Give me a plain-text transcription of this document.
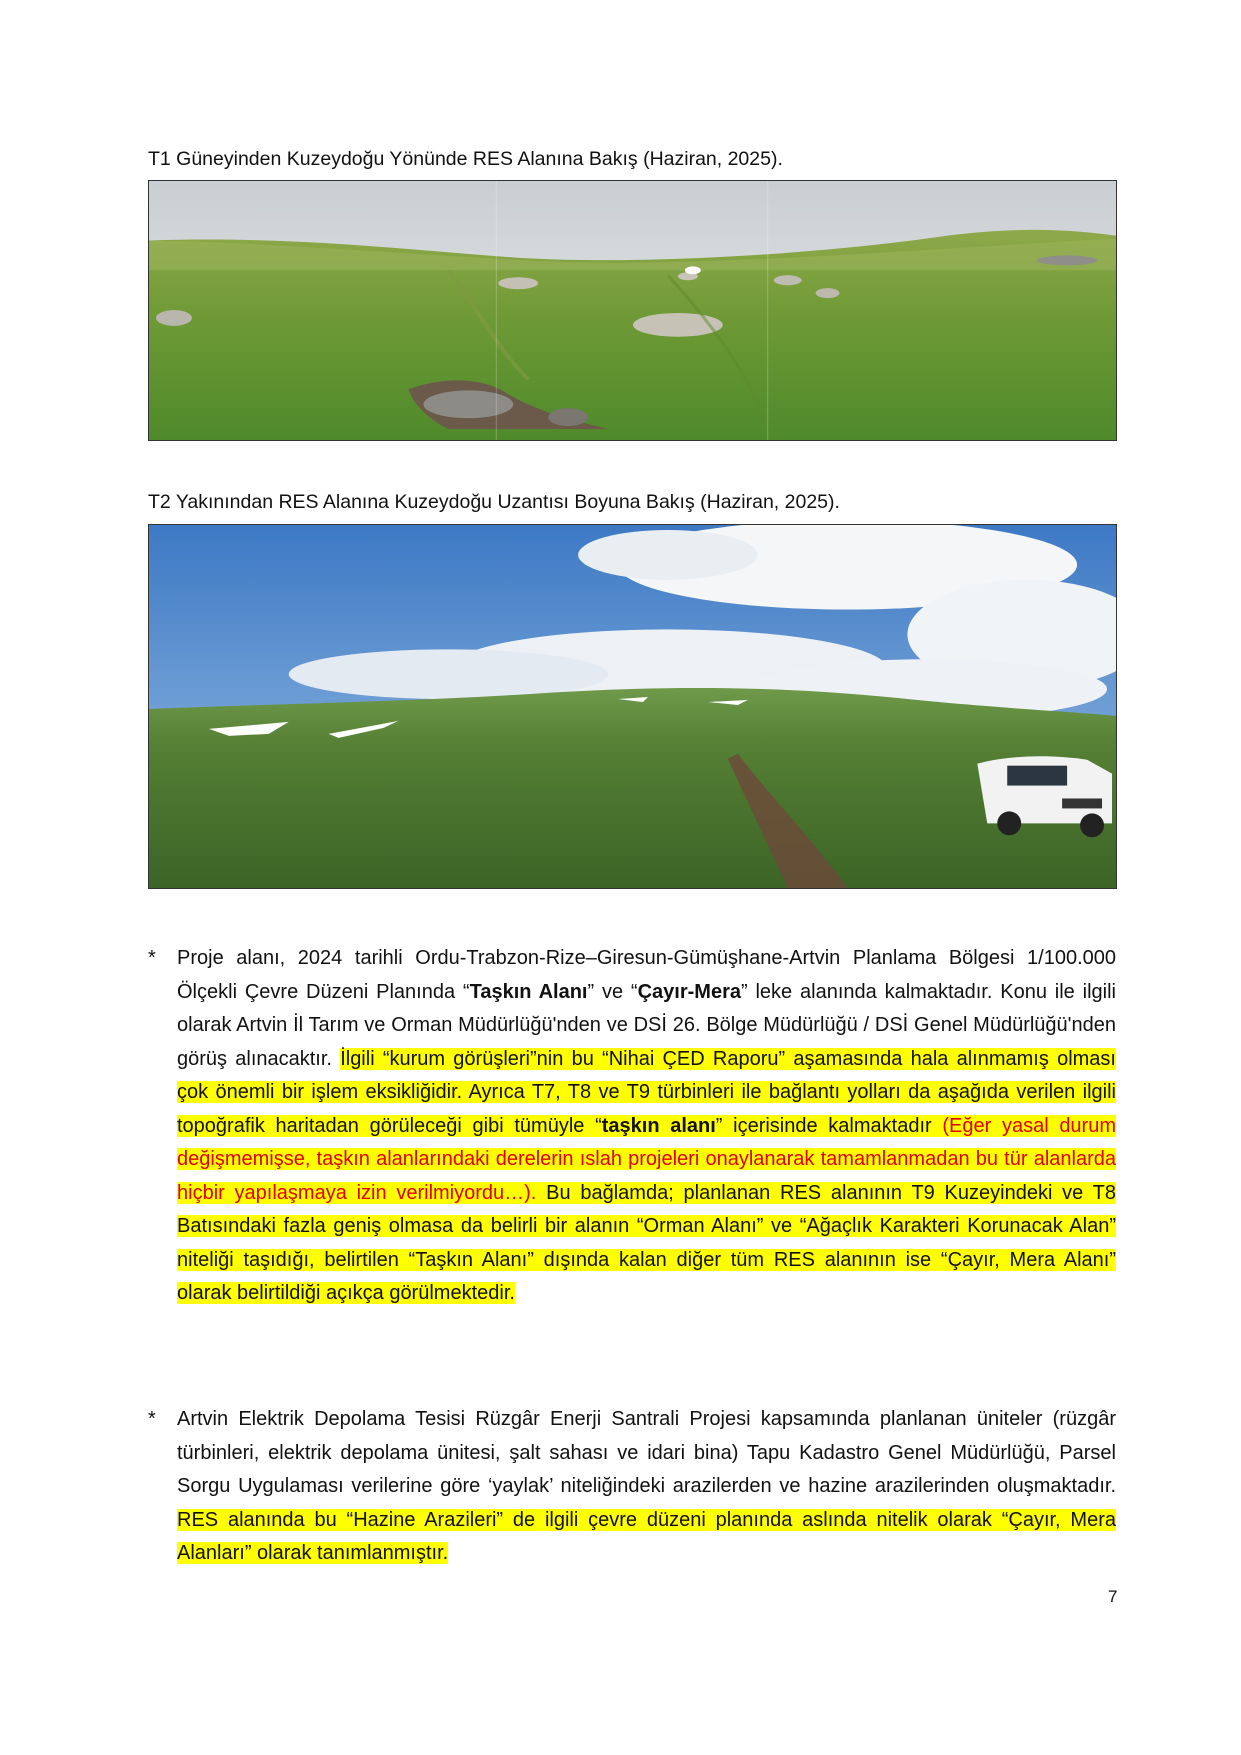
T1 Güneyinden Kuzeydoğu Yönünde RES Alanına Bakış (Haziran, 2025).
T2 Yakınından RES Alanına Kuzeydoğu Uzantısı Boyuna Bakış (Haziran, 2025).
* Proje alanı, 2024 tarihli Ordu-Trabzon-Rize–Giresun-Gümüşhane-Artvin Planlama Bölgesi 1/100.000 Ölçekli Çevre Düzeni Planında “Taşkın Alanı” ve “Çayır-Mera” leke alanında kalmaktadır. Konu ile ilgili olarak Artvin İl Tarım ve Orman Müdürlüğü'nden ve DSİ 26. Bölge Müdürlüğü / DSİ Genel Müdürlüğü'nden görüş alınacaktır. İlgili “kurum görüşleri”nin bu “Nihai ÇED Raporu” aşamasında hala alınmamış olması çok önemli bir işlem eksikliğidir. Ayrıca T7, T8 ve T9 türbinleri ile bağlantı yolları da aşağıda verilen ilgili topoğrafik haritadan görüleceği gibi tümüyle “taşkın alanı” içerisinde kalmaktadır (Eğer yasal durum değişmemişse, taşkın alanlarındaki derelerin ıslah projeleri onaylanarak tamamlanmadan bu tür alanlarda hiçbir yapılaşmaya izin verilmiyordu…). Bu bağlamda; planlanan RES alanının T9 Kuzeyindeki ve T8 Batısındaki fazla geniş olmasa da belirli bir alanın “Orman Alanı” ve “Ağaçlık Karakteri Korunacak Alan” niteliği taşıdığı, belirtilen “Taşkın Alanı” dışında kalan diğer tüm RES alanının ise “Çayır, Mera Alanı” olarak belirtildiği açıkça görülmektedir.
* Artvin Elektrik Depolama Tesisi Rüzgâr Enerji Santrali Projesi kapsamında planlanan üniteler (rüzgâr türbinleri, elektrik depolama ünitesi, şalt sahası ve idari bina) Tapu Kadastro Genel Müdürlüğü, Parsel Sorgu Uygulaması verilerine göre ‘yaylak’ niteliğindeki arazilerden ve hazine arazilerinden oluşmaktadır. RES alanında bu “Hazine Arazileri” de ilgili çevre düzeni planında aslında nitelik olarak “Çayır, Mera Alanları” olarak tanımlanmıştır.
7
